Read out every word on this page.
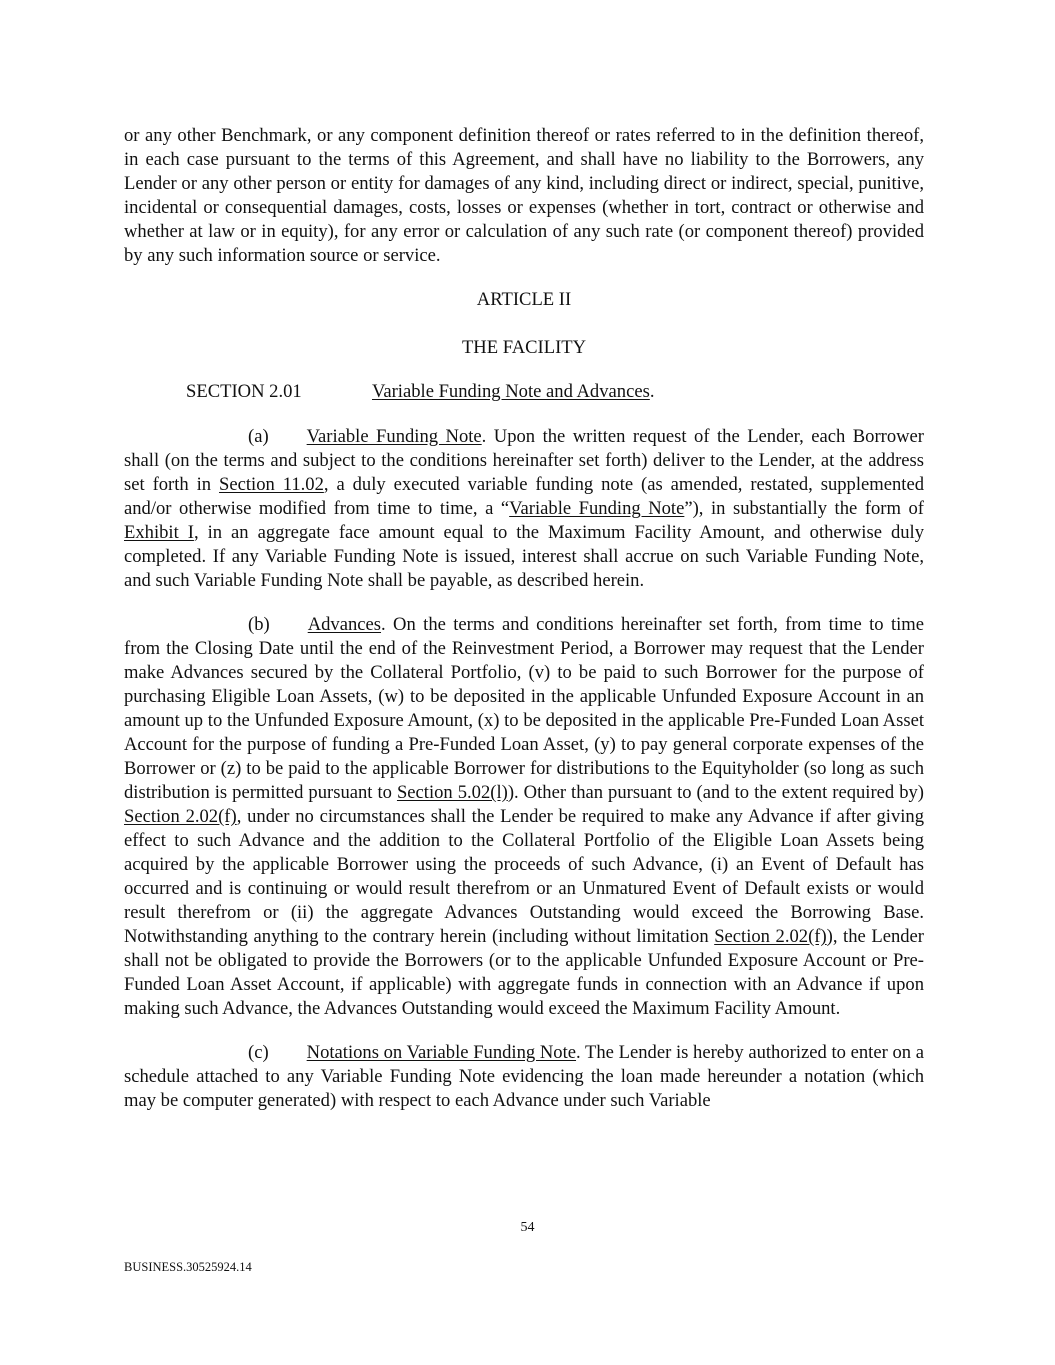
or any other Benchmark, or any component definition thereof or rates referred to in the definition thereof, in each case pursuant to the terms of this Agreement, and shall have no liability to the Borrowers, any Lender or any other person or entity for damages of any kind, including direct or indirect, special, punitive, incidental or consequential damages, costs, losses or expenses (whether in tort, contract or otherwise and whether at law or in equity), for any error or calculation of any such rate (or component thereof) provided by any such information source or service.

ARTICLE II

THE FACILITY

SECTION 2.01	Variable Funding Note and Advances.

(a) Variable Funding Note. Upon the written request of the Lender, each Borrower shall (on the terms and subject to the conditions hereinafter set forth) deliver to the Lender, at the address set forth in Section 11.02, a duly executed variable funding note (as amended, restated, supplemented and/or otherwise modified from time to time, a “Variable Funding Note”), in substantially the form of Exhibit I, in an aggregate face amount equal to the Maximum Facility Amount, and otherwise duly completed. If any Variable Funding Note is issued, interest shall accrue on such Variable Funding Note, and such Variable Funding Note shall be payable, as described herein.

(b) Advances. On the terms and conditions hereinafter set forth, from time to time from the Closing Date until the end of the Reinvestment Period, a Borrower may request that the Lender make Advances secured by the Collateral Portfolio, (v) to be paid to such Borrower for the purpose of purchasing Eligible Loan Assets, (w) to be deposited in the applicable Unfunded Exposure Account in an amount up to the Unfunded Exposure Amount, (x) to be deposited in the applicable Pre-Funded Loan Asset Account for the purpose of funding a Pre-Funded Loan Asset, (y) to pay general corporate expenses of the Borrower or (z) to be paid to the applicable Borrower for distributions to the Equityholder (so long as such distribution is permitted pursuant to Section 5.02(l)). Other than pursuant to (and to the extent required by) Section 2.02(f), under no circumstances shall the Lender be required to make any Advance if after giving effect to such Advance and the addition to the Collateral Portfolio of the Eligible Loan Assets being acquired by the applicable Borrower using the proceeds of such Advance, (i) an Event of Default has occurred and is continuing or would result therefrom or an Unmatured Event of Default exists or would result therefrom or (ii) the aggregate Advances Outstanding would exceed the Borrowing Base. Notwithstanding anything to the contrary herein (including without limitation Section 2.02(f)), the Lender shall not be obligated to provide the Borrowers (or to the applicable Unfunded Exposure Account or Pre-Funded Loan Asset Account, if applicable) with aggregate funds in connection with an Advance if upon making such Advance, the Advances Outstanding would exceed the Maximum Facility Amount.

(c) Notations on Variable Funding Note. The Lender is hereby authorized to enter on a schedule attached to any Variable Funding Note evidencing the loan made hereunder a notation (which may be computer generated) with respect to each Advance under such Variable

54
BUSINESS.30525924.14
